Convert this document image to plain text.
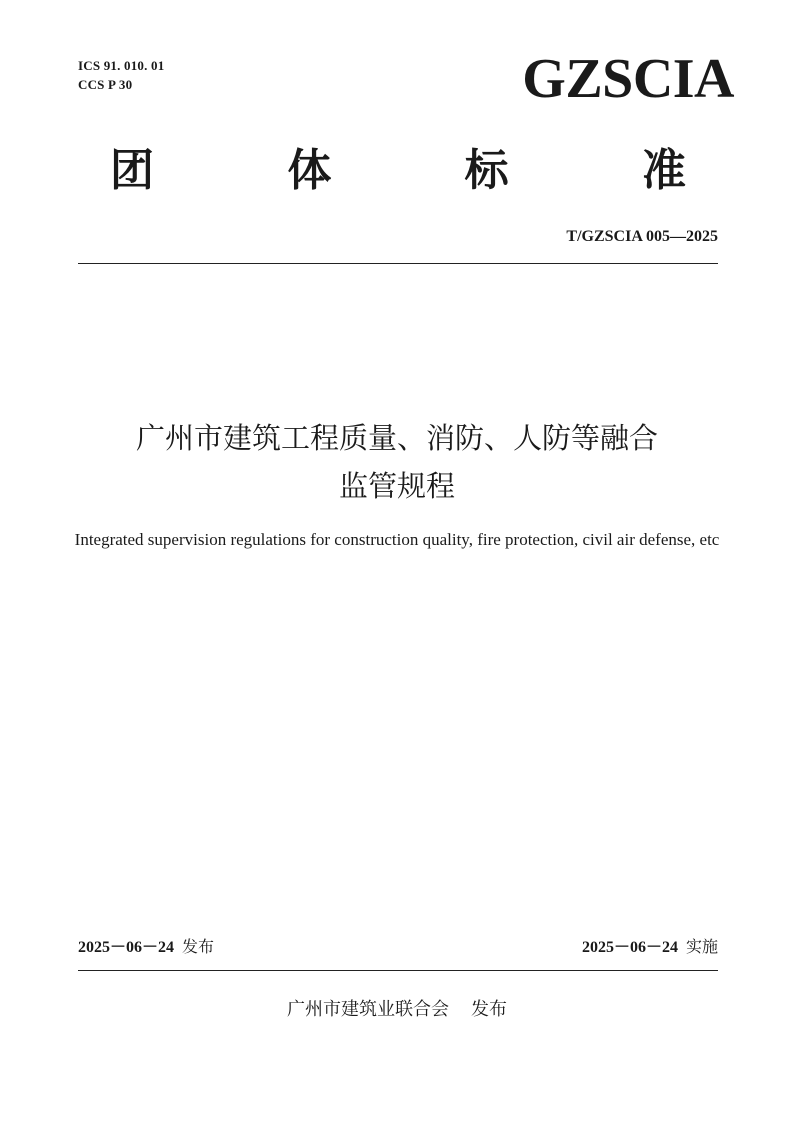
ICS 91. 010. 01
CCS P 30	GZSCIA
团	体	标	准
T/GZSCIA 005—2025
广州市建筑工程质量、消防、人防等融合
监管规程
Integrated supervision regulations for construction quality, fire protection, civil air defense, etc
2025－06－24 发布	2025－06－24 实施
广州市建筑业联合会 发布
